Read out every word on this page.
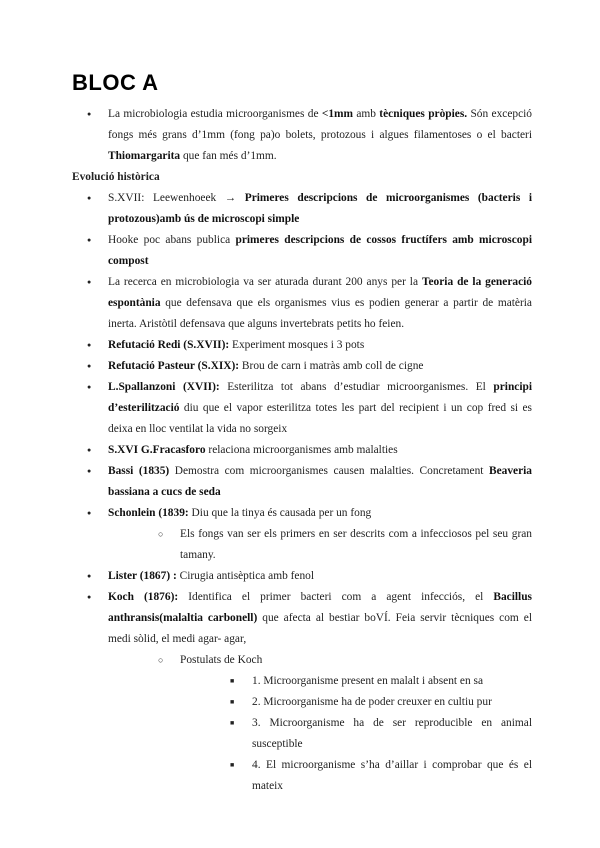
BLOC A
● La microbiologia estudia microorganismes de <1mm amb tècniques pròpies. Són excepció fongs més grans d’1mm (fong pa)o bolets, protozous i algues filamentoses o el bacteri Thiomargarita que fan més d’1mm.

Evolució històrica

● S.XVII: Leewenhoeek → Primeres descripcions de microorganismes (bacteris i protozous)amb ús de microscopi simple
● Hooke poc abans publica primeres descripcions de cossos fructífers amb microscopi compost
● La recerca en microbiologia va ser aturada durant 200 anys per la Teoria de la generació espontània que defensava que els organismes vius es podien generar a partir de matèria inerta. Aristòtil defensava que alguns invertebrats petits ho feien.
● Refutació Redi (S.XVII): Experiment mosques i 3 pots
● Refutació Pasteur (S.XIX): Brou de carn i matràs amb coll de cigne
● L.Spallanzoni (XVII): Esterilitza tot abans d’estudiar microorganismes. El principi d’esterilització diu que el vapor esterilitza totes les part del recipient i un cop fred si es deixa en lloc ventilat la vida no sorgeix
● S.XVI G.Fracasforo relaciona microorganismes amb malalties
● Bassi (1835) Demostra com microorganismes causen malalties. Concretament Beaveria bassiana a cucs de seda
● Schonlein (1839: Diu que la tinya és causada per un fong
○ Els fongs van ser els primers en ser descrits com a infecciosos pel seu gran tamany.
● Lister (1867) : Cirugia antisèptica amb fenol
● Koch (1876): Identifica el primer bacteri com a agent infecciós, el Bacillus anthransis(malaltia carbonell) que afecta al bestiar boVÍ. Feia servir tècniques com el medi sòlid, el medi agar- agar,
○ Postulats de Koch
■ 1. Microorganisme present en malalt i absent en sa
■ 2. Microorganisme ha de poder creuxer en cultiu pur
■ 3. Microorganisme ha de ser reproducible en animal susceptible
■ 4. El microorganisme s’ha d’aillar i comprobar que és el mateix
